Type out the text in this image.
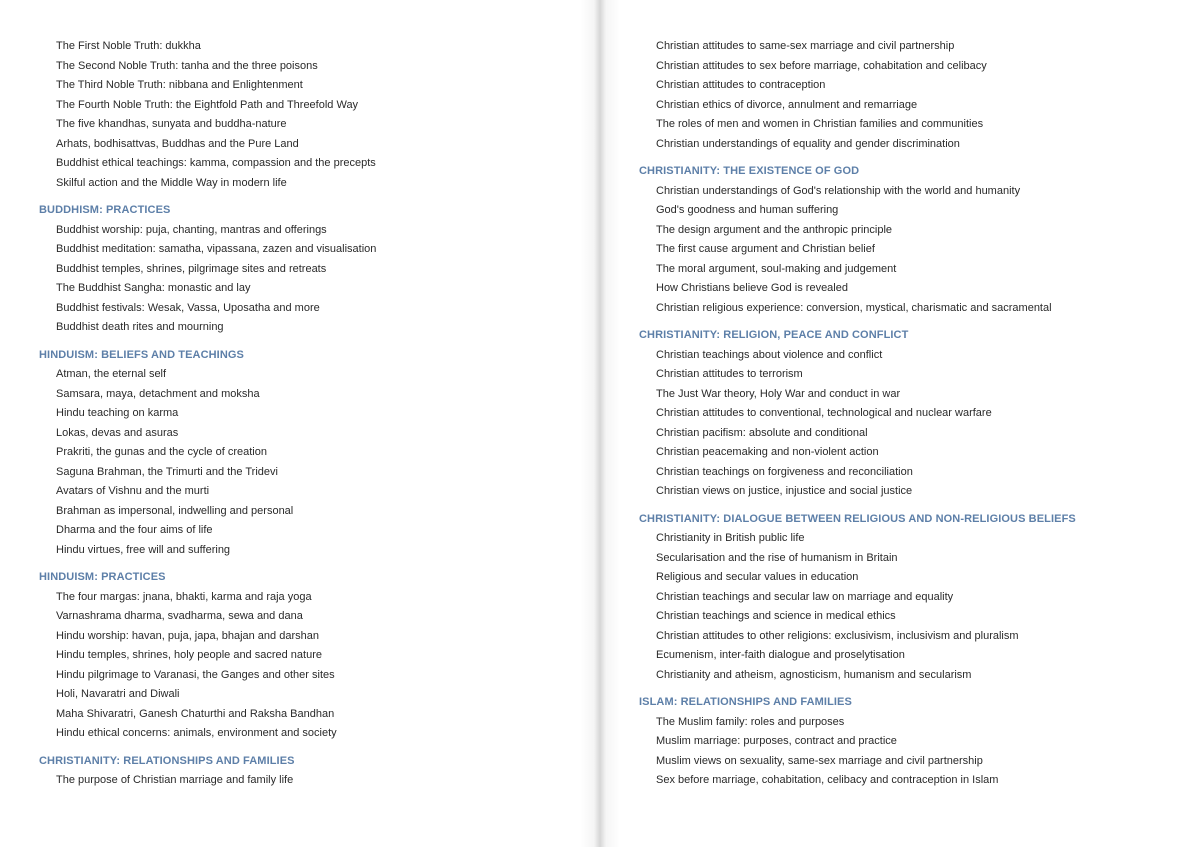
The First Noble Truth: dukkha
The Second Noble Truth: tanha and the three poisons
The Third Noble Truth: nibbana and Enlightenment
The Fourth Noble Truth: the Eightfold Path and Threefold Way
The five khandhas, sunyata and buddha-nature
Arhats, bodhisattvas, Buddhas and the Pure Land
Buddhist ethical teachings: kamma, compassion and the precepts
Skilful action and the Middle Way in modern life
BUDDHISM: PRACTICES
Buddhist worship: puja, chanting, mantras and offerings
Buddhist meditation: samatha, vipassana, zazen and visualisation
Buddhist temples, shrines, pilgrimage sites and retreats
The Buddhist Sangha: monastic and lay
Buddhist festivals: Wesak, Vassa, Uposatha and more
Buddhist death rites and mourning
HINDUISM: BELIEFS AND TEACHINGS
Atman, the eternal self
Samsara, maya, detachment and moksha
Hindu teaching on karma
Lokas, devas and asuras
Prakriti, the gunas and the cycle of creation
Saguna Brahman, the Trimurti and the Tridevi
Avatars of Vishnu and the murti
Brahman as impersonal, indwelling and personal
Dharma and the four aims of life
Hindu virtues, free will and suffering
HINDUISM: PRACTICES
The four margas: jnana, bhakti, karma and raja yoga
Varnashrama dharma, svadharma, sewa and dana
Hindu worship: havan, puja, japa, bhajan and darshan
Hindu temples, shrines, holy people and sacred nature
Hindu pilgrimage to Varanasi, the Ganges and other sites
Holi, Navaratri and Diwali
Maha Shivaratri, Ganesh Chaturthi and Raksha Bandhan
Hindu ethical concerns: animals, environment and society
CHRISTIANITY: RELATIONSHIPS AND FAMILIES
The purpose of Christian marriage and family life
Christian attitudes to same-sex marriage and civil partnership
Christian attitudes to sex before marriage, cohabitation and celibacy
Christian attitudes to contraception
Christian ethics of divorce, annulment and remarriage
The roles of men and women in Christian families and communities
Christian understandings of equality and gender discrimination
CHRISTIANITY: THE EXISTENCE OF GOD
Christian understandings of God's relationship with the world and humanity
God's goodness and human suffering
The design argument and the anthropic principle
The first cause argument and Christian belief
The moral argument, soul-making and judgement
How Christians believe God is revealed
Christian religious experience: conversion, mystical, charismatic and sacramental
CHRISTIANITY: RELIGION, PEACE AND CONFLICT
Christian teachings about violence and conflict
Christian attitudes to terrorism
The Just War theory, Holy War and conduct in war
Christian attitudes to conventional, technological and nuclear warfare
Christian pacifism: absolute and conditional
Christian peacemaking and non-violent action
Christian teachings on forgiveness and reconciliation
Christian views on justice, injustice and social justice
CHRISTIANITY: DIALOGUE BETWEEN RELIGIOUS AND NON-RELIGIOUS BELIEFS
Christianity in British public life
Secularisation and the rise of humanism in Britain
Religious and secular values in education
Christian teachings and secular law on marriage and equality
Christian teachings and science in medical ethics
Christian attitudes to other religions: exclusivism, inclusivism and pluralism
Ecumenism, inter-faith dialogue and proselytisation
Christianity and atheism, agnosticism, humanism and secularism
ISLAM: RELATIONSHIPS AND FAMILIES
The Muslim family: roles and purposes
Muslim marriage: purposes, contract and practice
Muslim views on sexuality, same-sex marriage and civil partnership
Sex before marriage, cohabitation, celibacy and contraception in Islam
